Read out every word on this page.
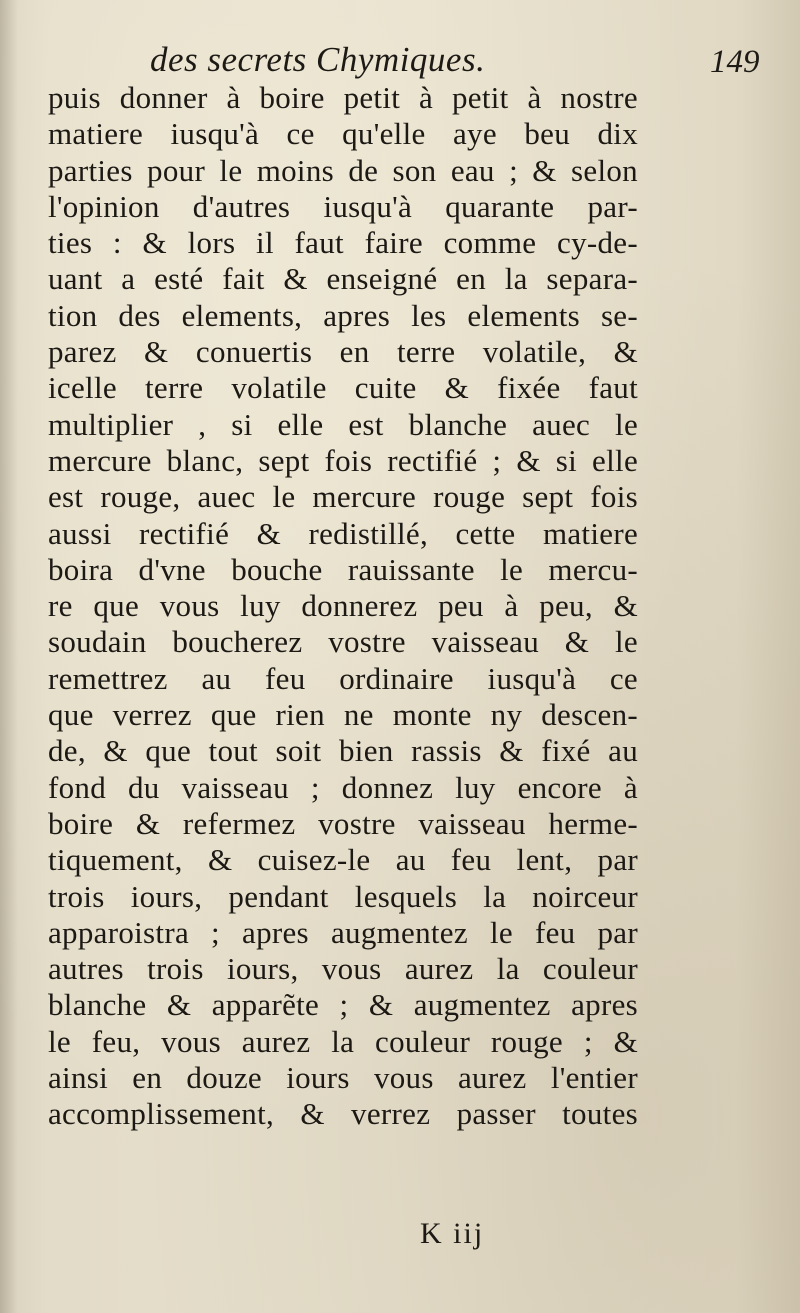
des secrets Chymiques.	149
puis donner à boire petit à petit à nostre
matiere iusqu'à ce qu'elle aye beu dix
parties pour le moins de son eau ; & selon
l'opinion d'autres iusqu'à quarante par-
ties : & lors il faut faire comme cy-de-
uant a esté fait & enseigné en la separa-
tion des elements, apres les elements se-
parez & conuertis en terre volatile, &
icelle terre volatile cuite & fixée faut
multiplier , si elle est blanche auec le
mercure blanc, sept fois rectifié ; & si elle
est rouge, auec le mercure rouge sept fois
aussi rectifié & redistillé, cette matiere
boira d'vne bouche rauissante le mercu-
re que vous luy donnerez peu à peu, &
soudain boucherez vostre vaisseau & le
remettrez au feu ordinaire iusqu'à ce
que verrez que rien ne monte ny descen-
de, & que tout soit bien rassis & fixé au
fond du vaisseau ; donnez luy encore à
boire & refermez vostre vaisseau herme-
tiquement, & cuisez-le au feu lent, par
trois iours, pendant lesquels la noirceur
apparoistra ; apres augmentez le feu par
autres trois iours, vous aurez la couleur
blanche & apparẽte ; & augmentez apres
le feu, vous aurez la couleur rouge ; &
ainsi en douze iours vous aurez l'entier
accomplissement, & verrez passer toutes
K iij
